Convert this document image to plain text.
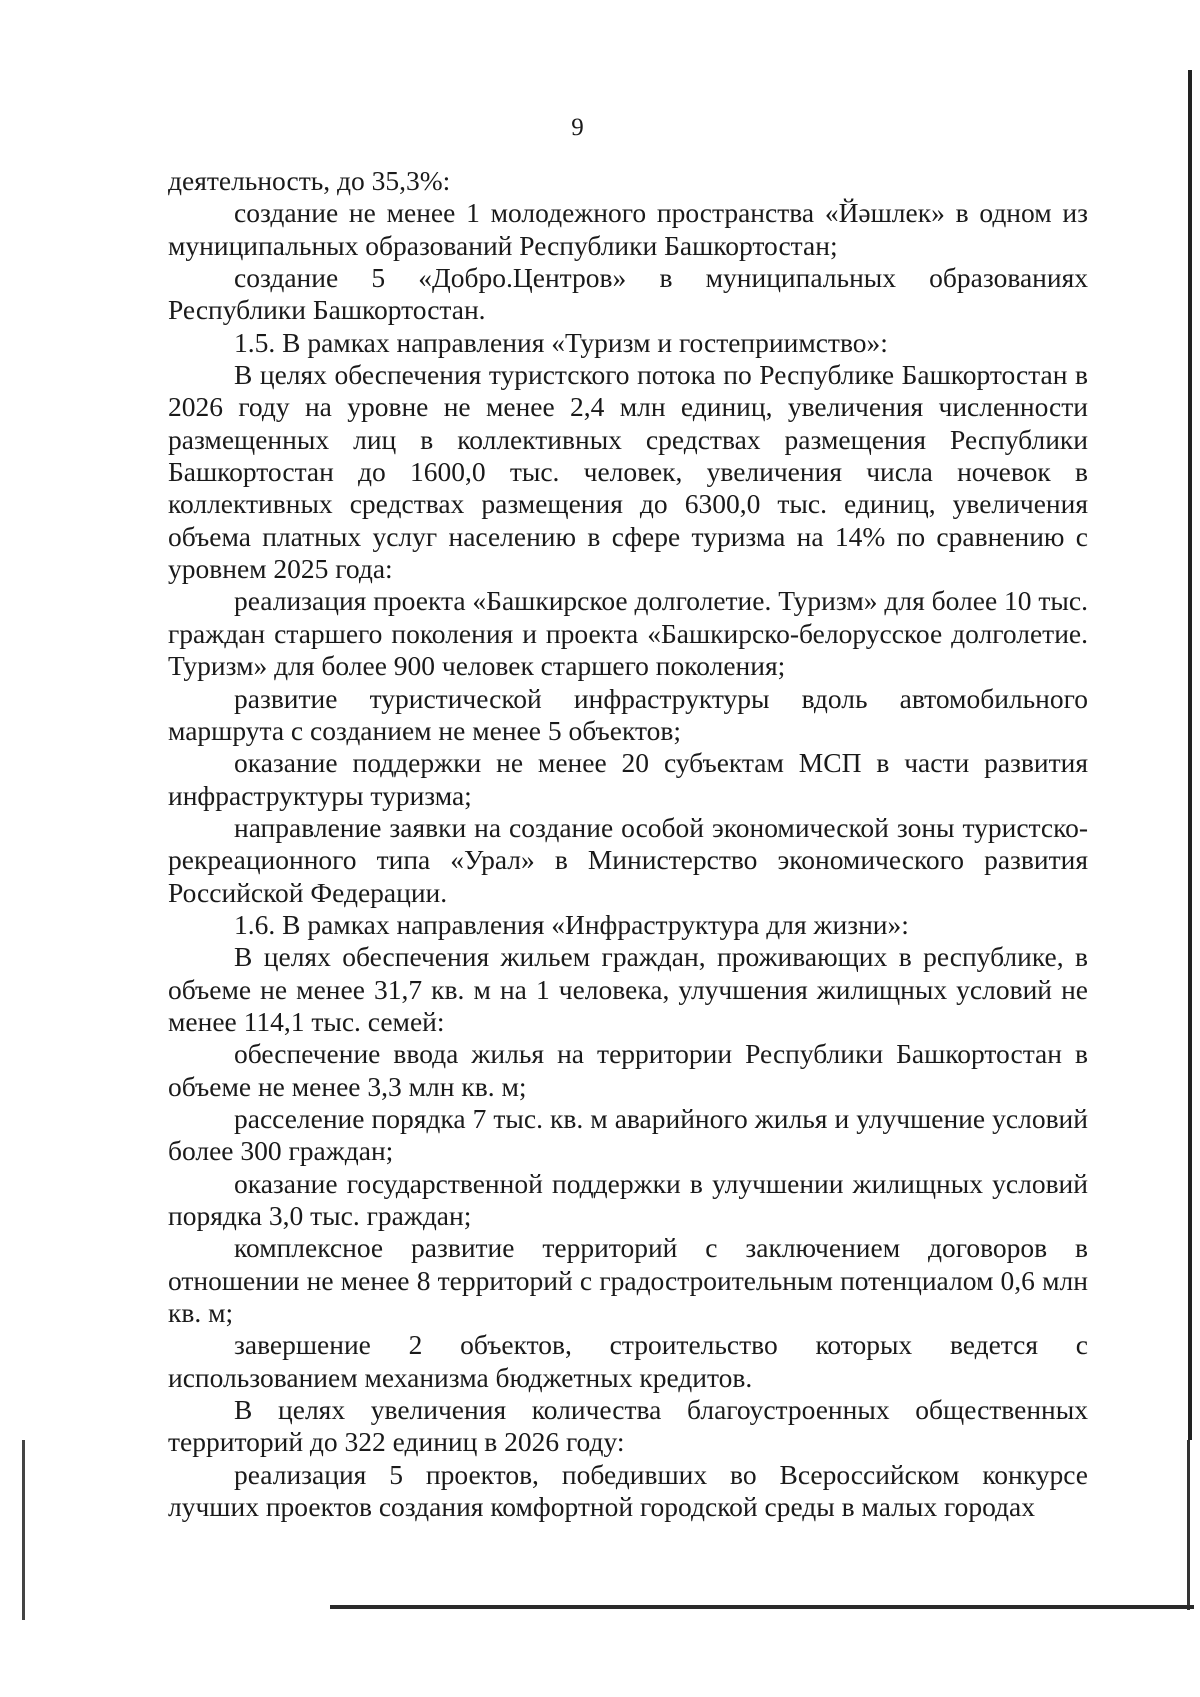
9

деятельность, до 35,3%:

создание не менее 1 молодежного пространства «Йәшлек» в одном из муниципальных образований Республики Башкортостан;

создание 5 «Добро.Центров» в муниципальных образованиях Республики Башкортостан.

1.5. В рамках направления «Туризм и гостеприимство»:

В целях обеспечения туристского потока по Республике Башкортостан в 2026 году на уровне не менее 2,4 млн единиц, увеличения численности размещенных лиц в коллективных средствах размещения Республики Башкортостан до 1600,0 тыс. человек, увеличения числа ночевок в коллективных средствах размещения до 6300,0 тыс. единиц, увеличения объема платных услуг населению в сфере туризма на 14% по сравнению с уровнем 2025 года:

реализация проекта «Башкирское долголетие. Туризм» для более 10 тыс. граждан старшего поколения и проекта «Башкирско-белорусское долголетие. Туризм» для более 900 человек старшего поколения;

развитие туристической инфраструктуры вдоль автомобильного маршрута с созданием не менее 5 объектов;

оказание поддержки не менее 20 субъектам МСП в части развития инфраструктуры туризма;

направление заявки на создание особой экономической зоны туристско-рекреационного типа «Урал» в Министерство экономического развития Российской Федерации.

1.6. В рамках направления «Инфраструктура для жизни»:

В целях обеспечения жильем граждан, проживающих в республике, в объеме не менее 31,7 кв. м на 1 человека, улучшения жилищных условий не менее 114,1 тыс. семей:

обеспечение ввода жилья на территории Республики Башкортостан в объеме не менее 3,3 млн кв. м;

расселение порядка 7 тыс. кв. м аварийного жилья и улучшение условий более 300 граждан;

оказание государственной поддержки в улучшении жилищных условий порядка 3,0 тыс. граждан;

комплексное развитие территорий с заключением договоров в отношении не менее 8 территорий с градостроительным потенциалом 0,6 млн кв. м;

завершение 2 объектов, строительство которых ведется с использованием механизма бюджетных кредитов.

В целях увеличения количества благоустроенных общественных территорий до 322 единиц в 2026 году:

реализация 5 проектов, победивших во Всероссийском конкурсе лучших проектов создания комфортной городской среды в малых городах
